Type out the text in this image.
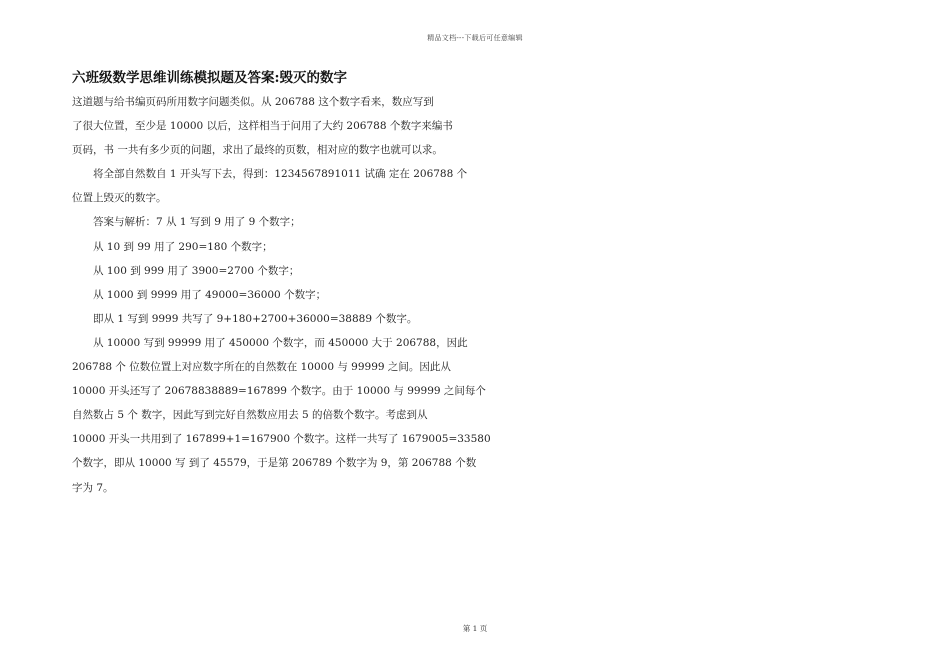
精品文档---下载后可任意编辑
六班级数学思维训练模拟题及答案:毁灭的数字
这道题与给书编页码所用数字问题类似。从 206788 这个数字看来，数应写到
了很大位置，至少是 10000 以后，这样相当于问用了大约 206788 个数字来编书
页码，书 一共有多少页的问题，求出了最终的页数，相对应的数字也就可以求。
将全部自然数自 1 开头写下去，得到：1234567891011 试确 定在 206788 个
位置上毁灭的数字。
答案与解析：7 从 1 写到 9 用了 9 个数字；
从 10 到 99 用了 290=180 个数字；
从 100 到 999 用了 3900=2700 个数字；
从 1000 到 9999 用了 49000=36000 个数字；
即从 1 写到 9999 共写了 9+180+2700+36000=38889 个数字。
从 10000 写到 99999 用了 450000 个数字，而 450000 大于 206788，因此
206788 个 位数位置上对应数字所在的自然数在 10000 与 99999 之间。因此从
10000 开头还写了 20678838889=167899 个数字。由于 10000 与 99999 之间每个
自然数占 5 个 数字，因此写到完好自然数应用去 5 的倍数个数字。考虑到从
10000 开头一共用到了 167899+1=167900 个数字。这样一共写了 1679005=33580
个数字，即从 10000 写 到了 45579，于是第 206789 个数字为 9，第 206788 个数
字为 7。
第 1 页
